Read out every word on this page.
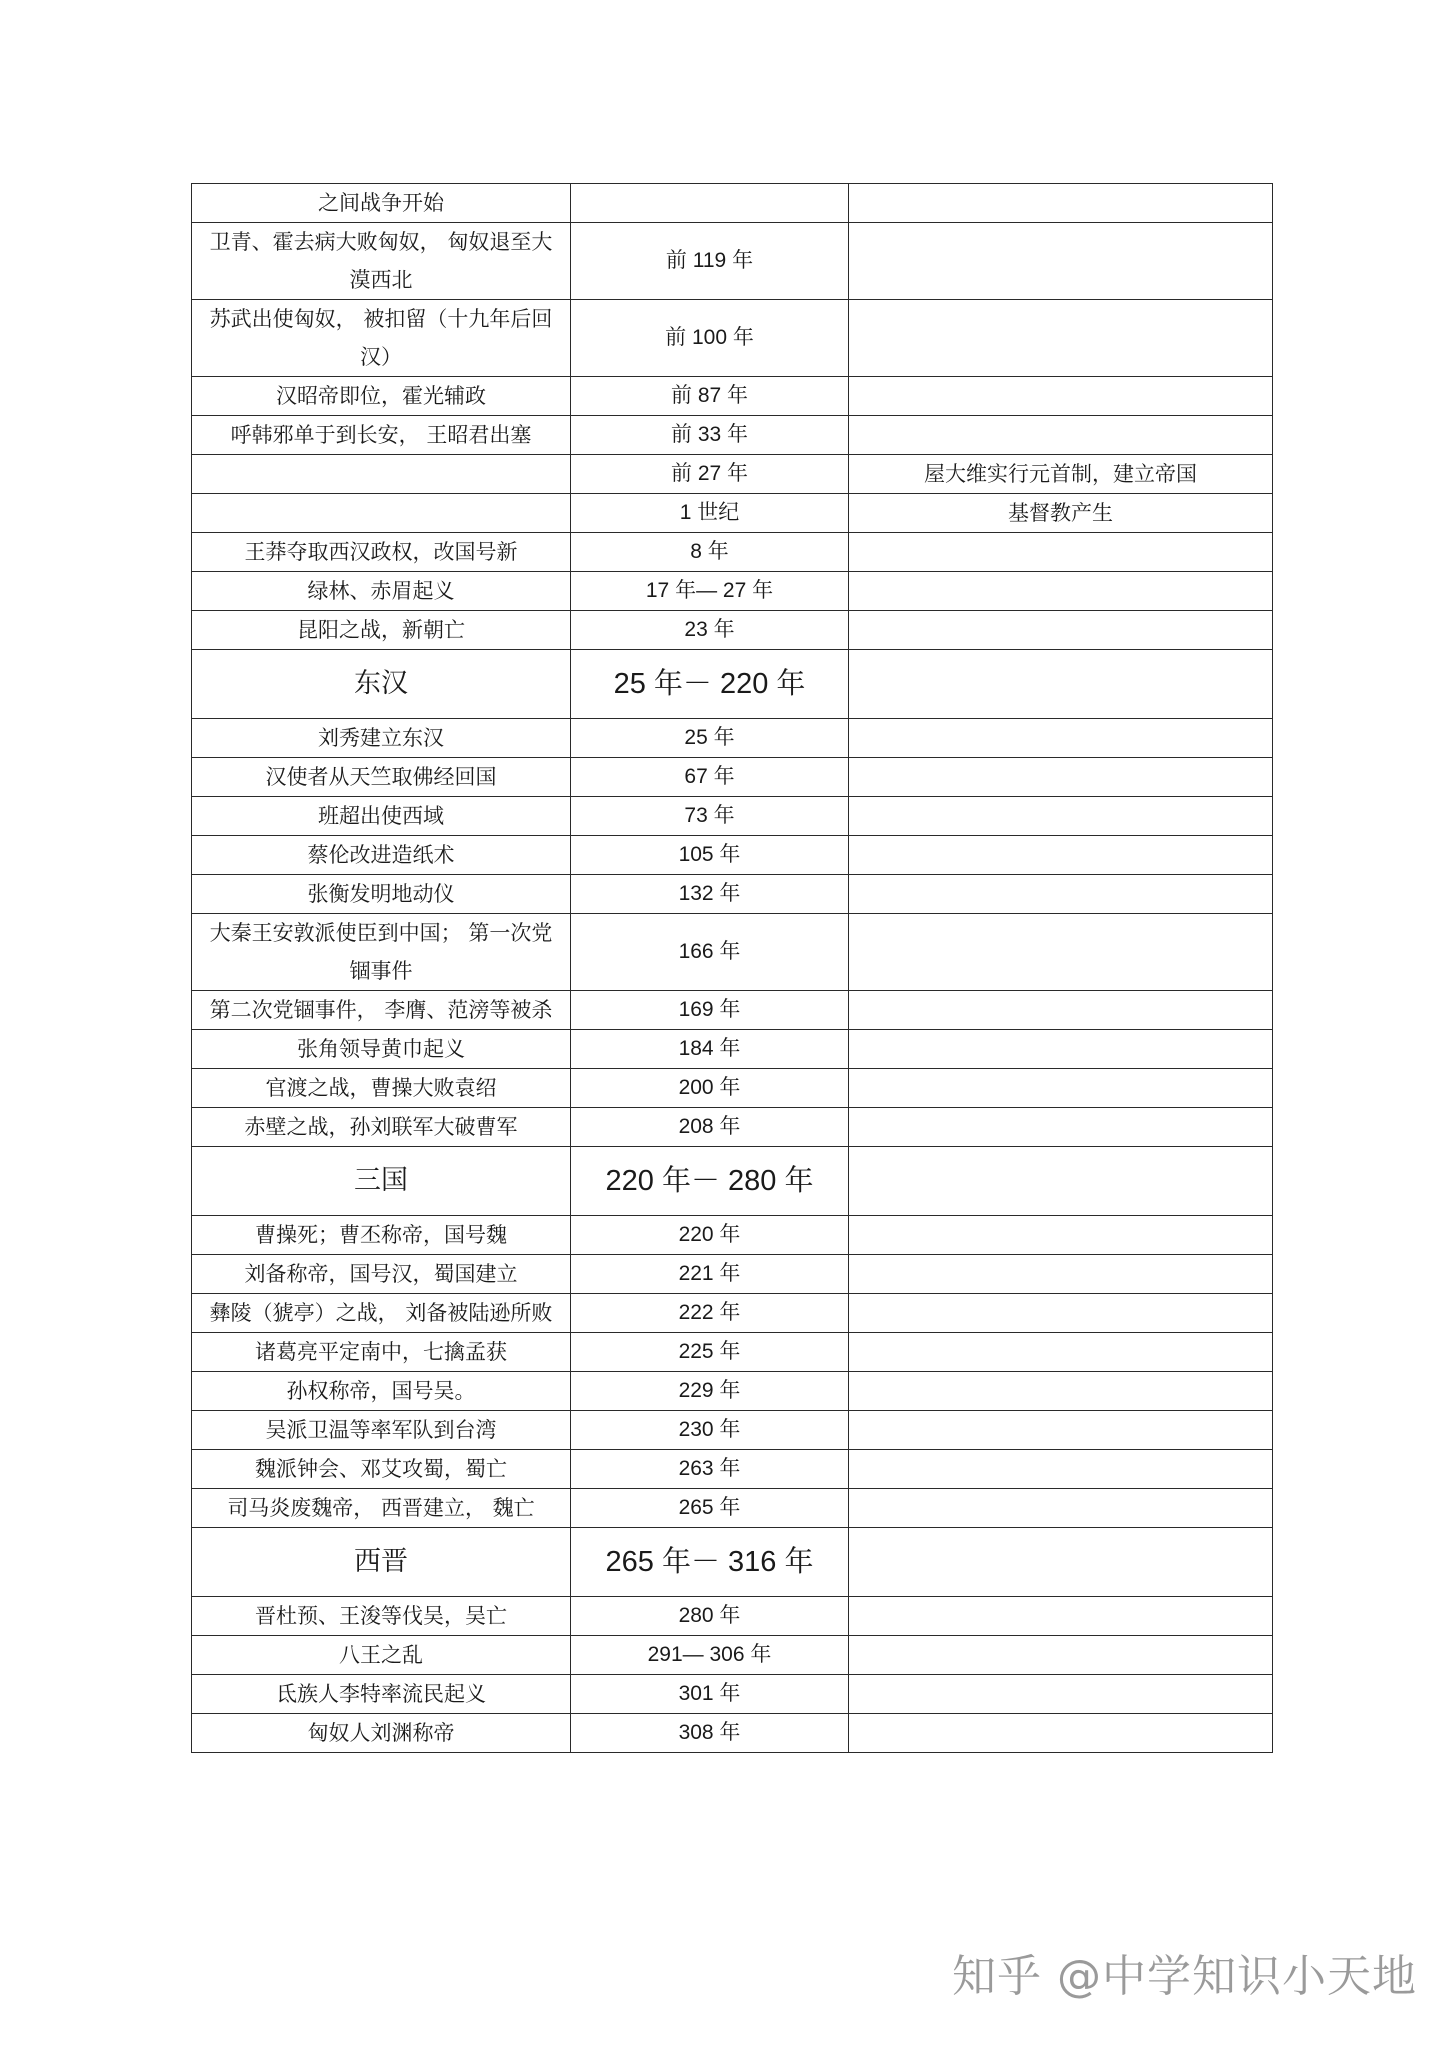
之间战争开始		
卫青、霍去病大败匈奴， 匈奴退至大漠西北	前 119 年	
苏武出使匈奴， 被扣留（十九年后回汉）	前 100 年	
汉昭帝即位，霍光辅政	前 87 年	
呼韩邪单于到长安， 王昭君出塞	前 33 年	
	前 27 年	屋大维实行元首制，建立帝国
	1 世纪	基督教产生
王莽夺取西汉政权，改国号新	8 年	
绿林、赤眉起义	17 年— 27 年	
昆阳之战，新朝亡	23 年	
东汉	25 年－ 220 年	
刘秀建立东汉	25 年	
汉使者从天竺取佛经回国	67 年	
班超出使西域	73 年	
蔡伦改进造纸术	105 年	
张衡发明地动仪	132 年	
大秦王安敦派使臣到中国； 第一次党锢事件	166 年	
第二次党锢事件， 李膺、范滂等被杀	169 年	
张角领导黄巾起义	184 年	
官渡之战，曹操大败袁绍	200 年	
赤壁之战，孙刘联军大破曹军	208 年	
三国	220 年－ 280 年	
曹操死；曹丕称帝，国号魏	220 年	
刘备称帝，国号汉，蜀国建立	221 年	
彝陵（猇亭）之战， 刘备被陆逊所败	222 年	
诸葛亮平定南中，七擒孟获	225 年	
孙权称帝，国号吴。	229 年	
吴派卫温等率军队到台湾	230 年	
魏派钟会、邓艾攻蜀，蜀亡	263 年	
司马炎废魏帝， 西晋建立， 魏亡	265 年	
西晋	265 年－ 316 年	
晋杜预、王浚等伐吴，吴亡	280 年	
八王之乱	291— 306 年	
氐族人李特率流民起义	301 年	
匈奴人刘渊称帝	308 年	
知乎 @中学知识小天地
